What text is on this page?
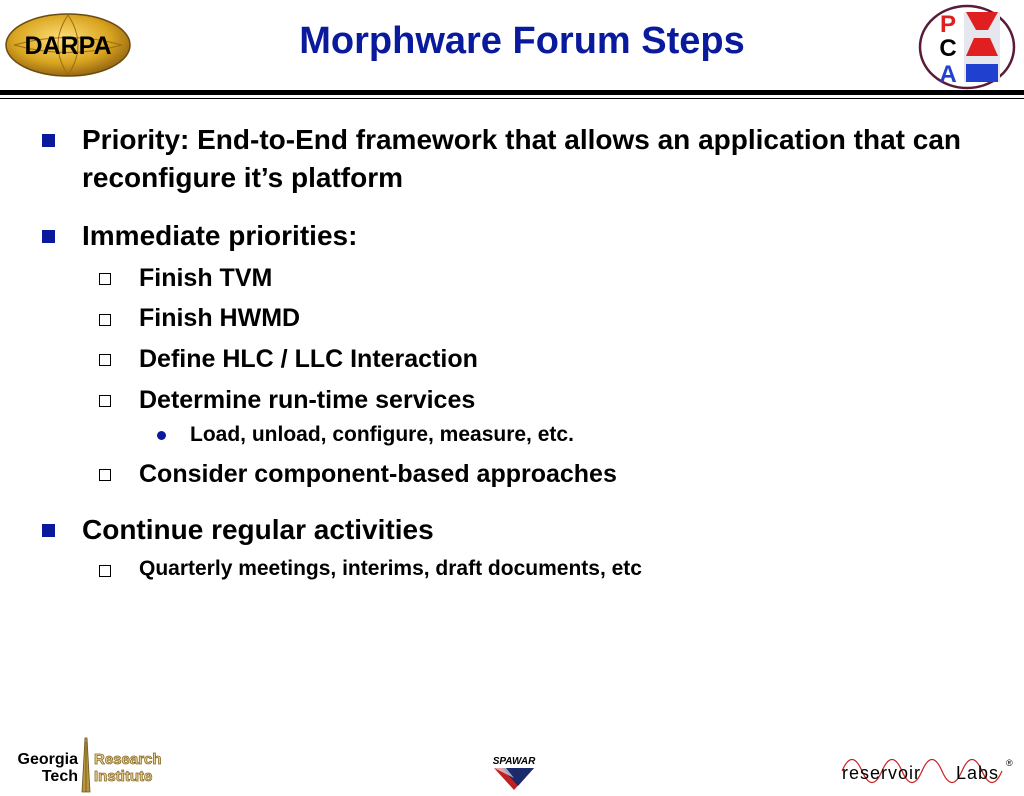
DARPA	Morphware Forum Steps	P
C
A
Priority: End-to-End framework that allows an application that can reconfigure it’s platform
Immediate priorities:
Finish TVM
Finish HWMD
Define HLC / LLC Interaction
Determine run-time services
Load, unload, configure, measure, etc.
Consider component-based approaches
Continue regular activities
Quarterly meetings, interims, draft documents, etc
Georgia
Tech
Research
Institute
SPAWAR
reservoir Labs ®
